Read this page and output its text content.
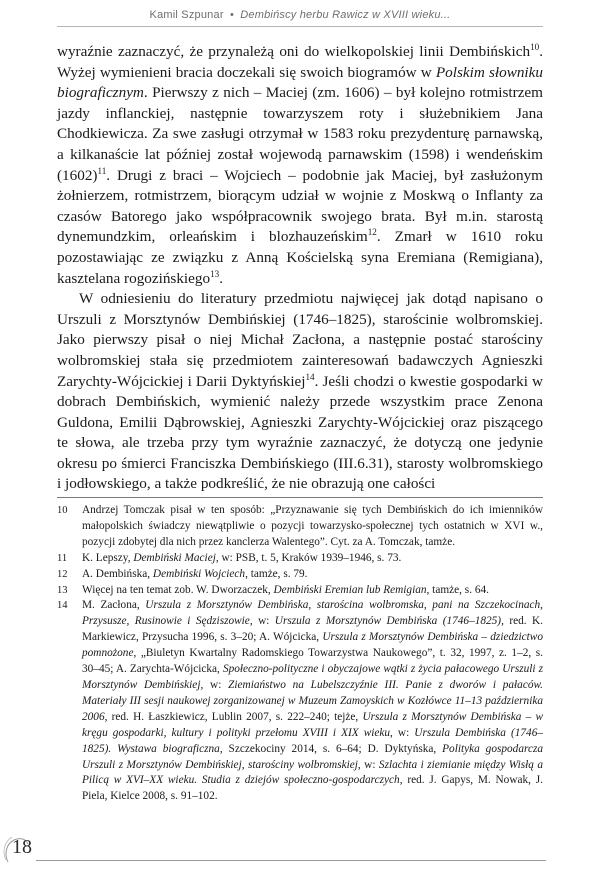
Kamil Szpunar • Dembińscy herbu Rawicz w XVIII wieku...

wyraźnie zaznaczyć, że przynależą oni do wielkopolskiej linii Dembińskich$^{10}$. Wyżej wymienieni bracia doczekali się swoich biogramów w Polskim słowniku biograficznym. Pierwszy z nich – Maciej (zm. 1606) – był kolejno rotmistrzem jazdy inflanckiej, następnie towarzyszem roty i służebnikiem Jana Chodkiewicza. Za swe zasługi otrzymał w 1583 roku prezydenturę parnawską, a kilkanaście lat później został wojewodą parnawskim (1598) i wendeńskim $(1602)^{11}$. Drugi z braci – Wojciech – podobnie jak Maciej, był zasłużonym żołnierzem, rotmistrzem, biorącym udział w wojnie z Moskwą o Inflanty za czasów Batorego jako współpracownik swojego brata. Był m.in. starostą dynemundzkim, orleańskim i blozhauzeńskim$^{12}$. Zmarł w 1610 roku pozostawiając ze związku z Anną Kościelską syna Eremiana (Remigiana), kasztelana rogozińskiego$^{13}$.

W odniesieniu do literatury przedmiotu najwięcej jak dotąd napisano o Urszuli z Morsztynów Dembińskiej (1746–1825), starościnie wolbromskiej. Jako pierwszy pisał o niej Michał Zacłona, a następnie postać starościny wolbromskiej stała się przedmiotem zainteresowań badawczych Agnieszki Zarychty-Wójcickiej i Darii Dyktyńskiej$^{14}$. Jeśli chodzi o kwestie gospodarki w dobrach Dembińskich, wymienić należy przede wszystkim prace Zenona Guldona, Emilii Dąbrowskiej, Agnieszki Zarychty-Wójcickiej oraz piszącego te słowa, ale trzeba przy tym wyraźnie zaznaczyć, że dotyczą one jedynie okresu po śmierci Franciszka Dembińskiego (III.6.31), starosty wolbromskiego i jodłowskiego, a także podkreślić, że nie obrazują one całości

10 Andrzej Tomczak pisał w ten sposób: „Przyznawanie się tych Dembińskich do ich imienników małopolskich świadczy niewątpliwie o pozycji towarzysko-społecznej tych ostatnich w XVI w., pozycji zdobytej dla nich przez kanclerza Walentego”. Cyt. za A. Tomczak, tamże.

11 K. Lepszy, Dembiński Maciej, w: PSB, t. 5, Kraków 1939–1946, s. 73.

12 A. Dembińska, Dembiński Wojciech, tamże, s. 79.

13 Więcej na ten temat zob. W. Dworzaczek, Dembiński Eremian lub Remigian, tamże, s. 64.

14 M. Zacłona, Urszula z Morsztynów Dembińska, starościna wolbromska, pani na Szczekocinach, Przysusze, Rusinowie i Sędziszowie, w: Urszula z Morsztynów Dembińska (1746–1825), red. K. Markiewicz, Przysucha 1996, s. 3–20; A. Wójcicka, Urszula z Morsztynów Dembińska – dziedzictwo pomnożone, „Biuletyn Kwartalny Radomskiego Towarzystwa Naukowego”, t. 32, 1997, z. 1–2, s. 30–45; A. Zarychta-Wójcicka, Społeczno-polityczne i obyczajowe wątki z życia pałacowego Urszuli z Morsztynów Dembińskiej, w: Ziemiaństwo na Lubelszczyźnie III. Panie z dworów i pałaców. Materiały III sesji naukowej zorganizowanej w Muzeum Zamoyskich w Kozłówce 11–13 października 2006, red. H. Łaszkiewicz, Lublin 2007, s. 222–240; tejże, Urszula z Morsztynów Dembińska – w kręgu gospodarki, kultury i polityki przełomu XVIII i XIX wieku, w: Urszula Dembińska (1746–1825). Wystawa biograficzna, Szczekociny 2014, s. 6–64; D. Dyktyńska, Polityka gospodarcza Urszuli z Morsztynów Dembińskiej, starościny wolbromskiej, w: Szlachta i ziemianie między Wisłą a Pilicą w XVI–XX wieku. Studia z dziejów społeczno-gospodarczych, red. J. Gapys, M. Nowak, J. Piela, Kielce 2008, s. 91–102.

18
